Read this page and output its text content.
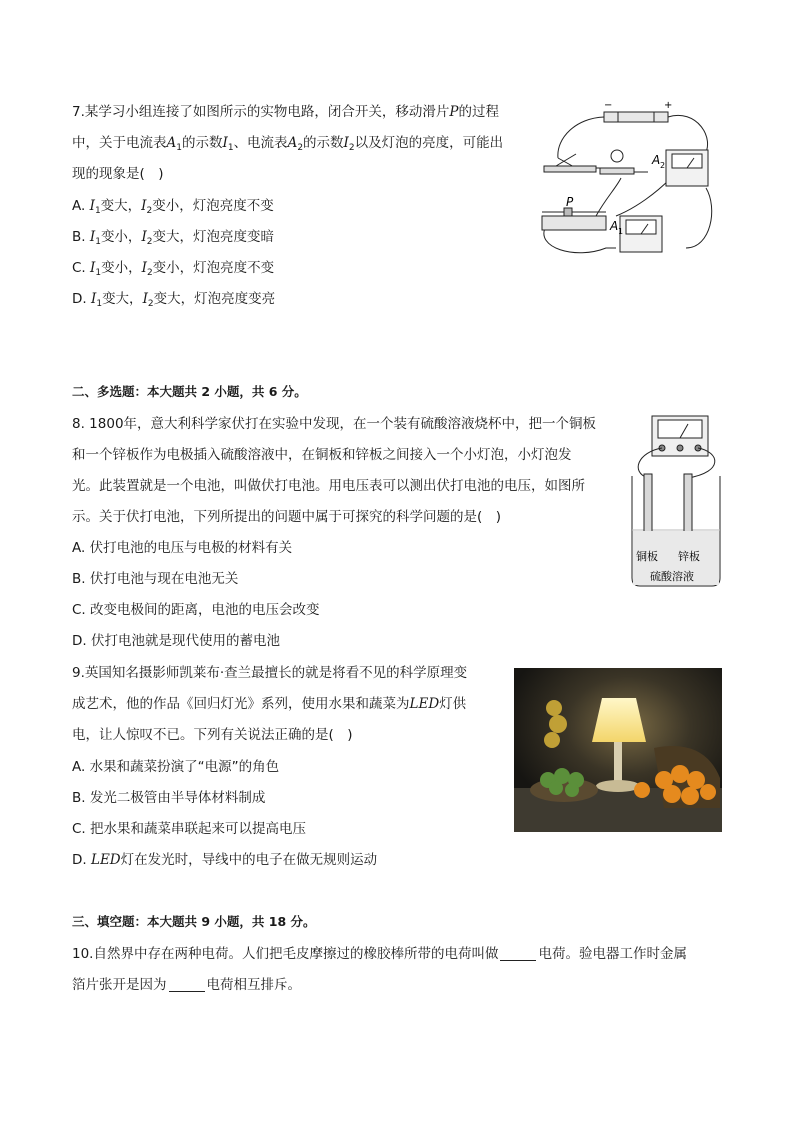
7.某学习小组连接了如图所示的实物电路，闭合开关，移动滑片P的过程
中，关于电流表$A_1$的示数$I_1$、电流表$A_2$的示数$I_2$以及灯泡的亮度，可能出
现的现象是(　)
A. $I_1$变大，$I_2$变小，灯泡亮度不变
B. $I_1$变小，$I_2$变大，灯泡亮度变暗
C. $I_1$变小，$I_2$变小，灯泡亮度不变
D. $I_1$变大，$I_2$变大，灯泡亮度变亮
−	+
A 2
P
A 1
二、多选题：本大题共 2 小题，共 6 分。
8. 1800年，意大利科学家伏打在实验中发现，在一个装有硫酸溶液烧杯中，把一个铜板
和一个锌板作为电极插入硫酸溶液中，在铜板和锌板之间接入一个小灯泡，小灯泡发
光。此装置就是一个电池，叫做伏打电池。用电压表可以测出伏打电池的电压，如图所
示。关于伏打电池，下列所提出的问题中属于可探究的科学问题的是(　)
A. 伏打电池的电压与电极的材料有关
B. 伏打电池与现在电池无关
C. 改变电极间的距离，电池的电压会改变
D. 伏打电池就是现代使用的蓄电池
铜板 锌板
硫酸溶液
9.英国知名摄影师凯莱布·查兰最擅长的就是将看不见的科学原理变
成艺术，他的作品《回归灯光》系列，使用水果和蔬菜为LED灯供
电，让人惊叹不已。下列有关说法正确的是(　)
A. 水果和蔬菜扮演了“电源”的角色
B. 发光二极管由半导体材料制成
C. 把水果和蔬菜串联起来可以提高电压
D. LED灯在发光时，导线中的电子在做无规则运动
三、填空题：本大题共 9 小题，共 18 分。
10.自然界中存在两种电荷。人们把毛皮摩擦过的橡胶棒所带的电荷叫做	电荷。验电器工作时金属
箔片张开是因为	电荷相互排斥。
